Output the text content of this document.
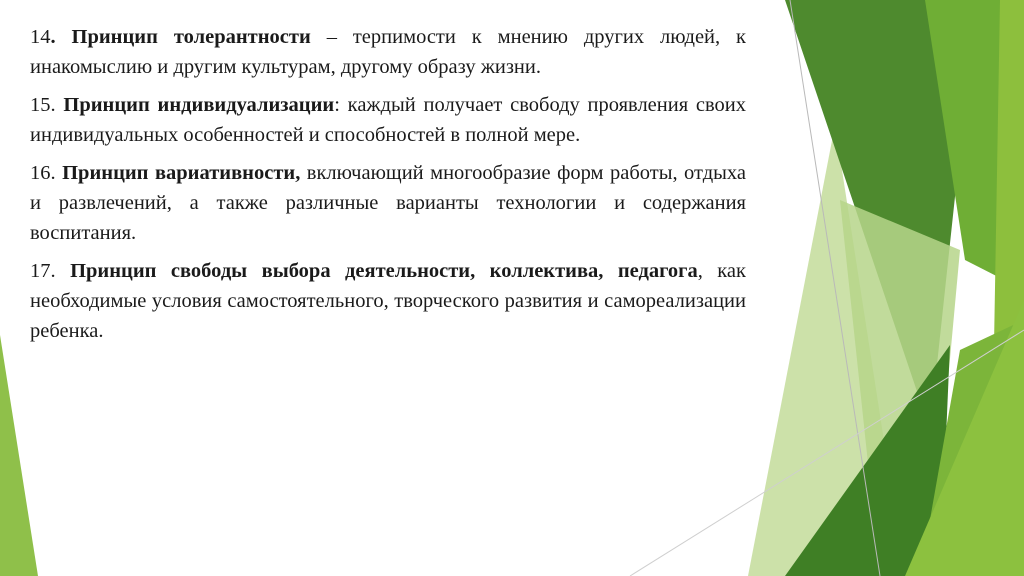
14. Принцип толерантности – терпимости к мнению других людей, к инакомыслию и другим культурам, другому образу жизни.

15. Принцип индивидуализации: каждый получает свободу проявления своих индивидуальных особенностей и способностей в полной мере.

16. Принцип вариативности, включающий многообразие форм работы, отдыха и развлечений, а также различные варианты технологии и содержания воспитания.

17. Принцип свободы выбора деятельности, коллектива, педагога, как необходимые условия самостоятельного, творческого развития и самореализации ребенка.
